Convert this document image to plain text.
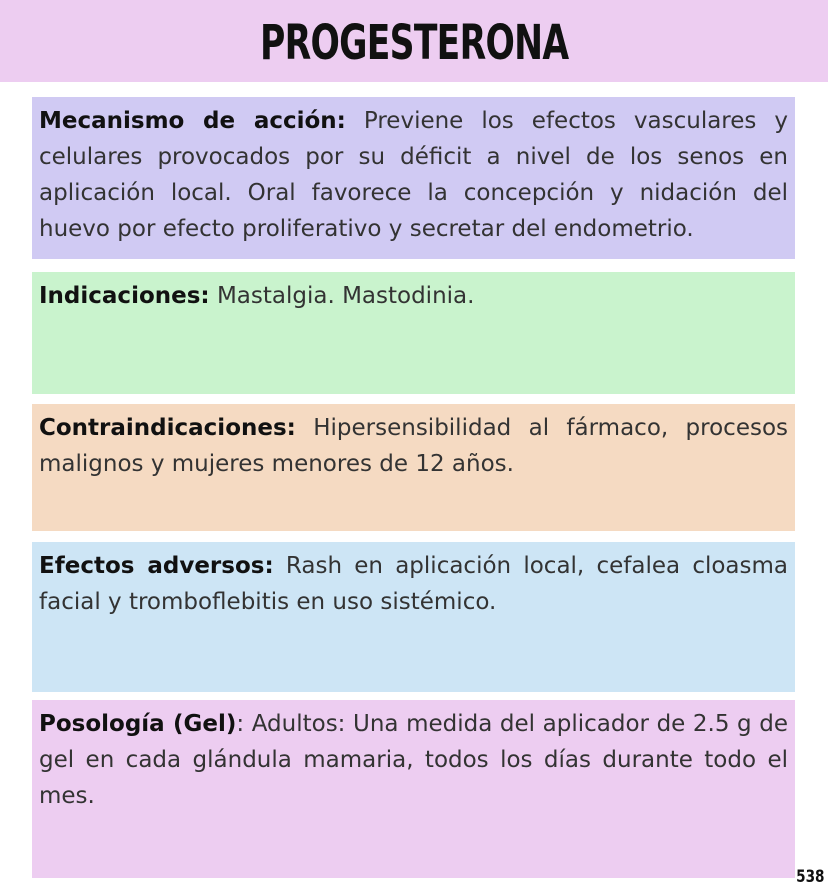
PROGESTERONA
Mecanismo de acción: Previene los efectos vasculares y celulares provocados por su déficit a nivel de los senos en aplicación local. Oral favorece la concepción y nidación del huevo por efecto proliferativo y secretar del endometrio.
Indicaciones: Mastalgia. Mastodinia.
Contraindicaciones: Hipersensibilidad al fármaco, procesos malignos y mujeres menores de 12 años.
Efectos adversos: Rash en aplicación local, cefalea cloasma facial y tromboflebitis en uso sistémico.
Posología (Gel): Adultos: Una medida del aplicador de 2.5 g de gel en cada glándula mamaria, todos los días durante todo el mes.
538
